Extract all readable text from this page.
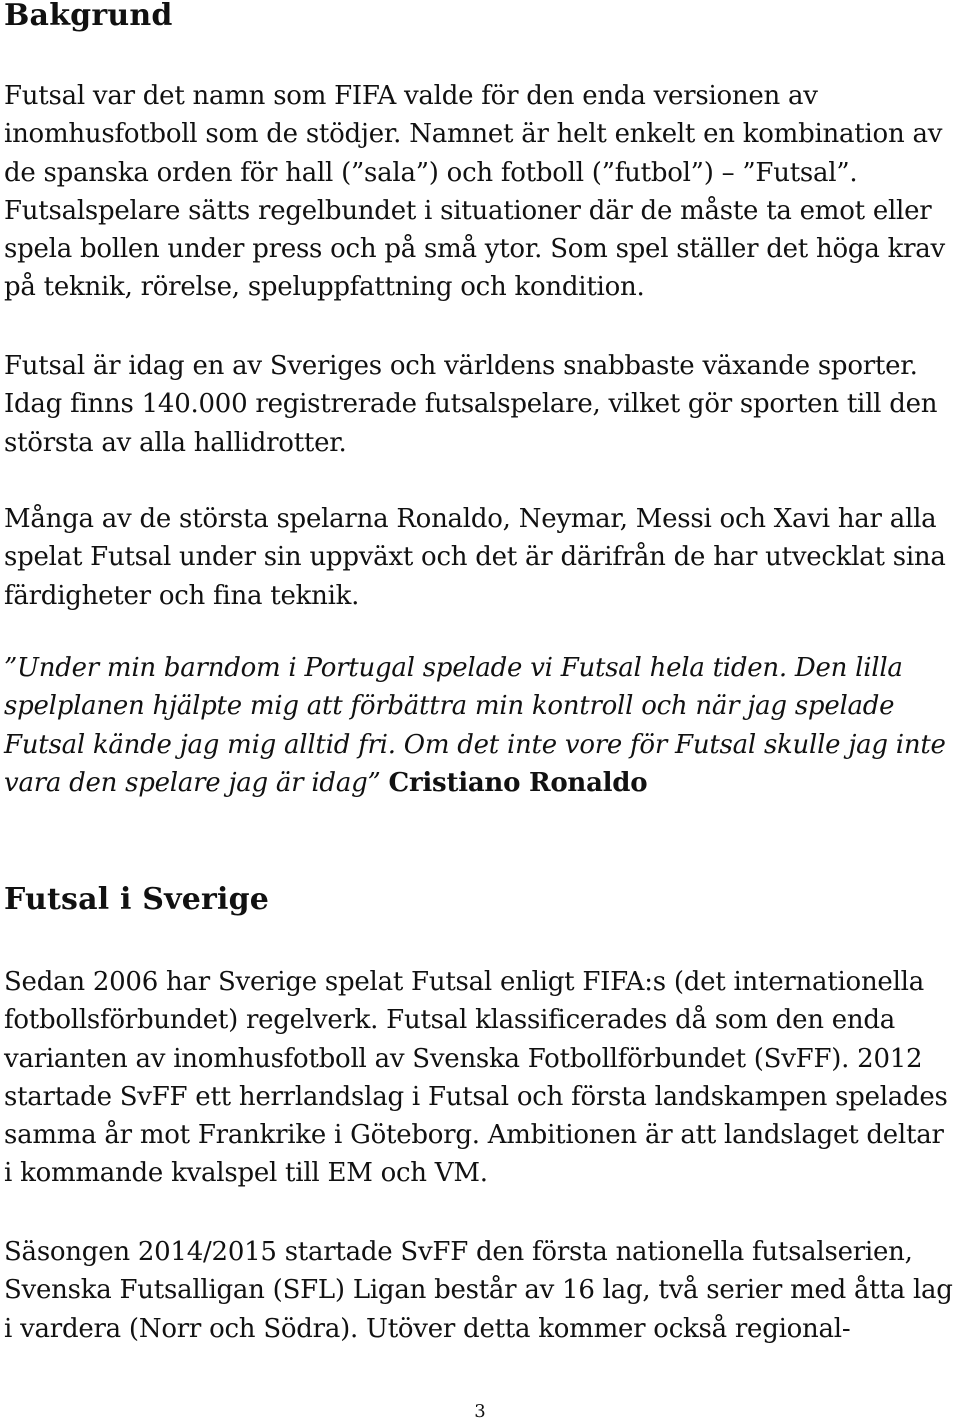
Bakgrund

Futsal var det namn som FIFA valde för den enda versionen av inomhusfotboll som de stödjer. Namnet är helt enkelt en kombination av de spanska orden för hall (”sala”) och fotboll (”futbol”) – ”Futsal”. Futsalspelare sätts regelbundet i situationer där de måste ta emot eller spela bollen under press och på små ytor. Som spel ställer det höga krav på teknik, rörelse, speluppfattning och kondition.

Futsal är idag en av Sveriges och världens snabbaste växande sporter. Idag finns 140.000 registrerade futsalspelare, vilket gör sporten till den största av alla hallidrotter.

Många av de största spelarna Ronaldo, Neymar, Messi och Xavi har alla spelat Futsal under sin uppväxt och det är därifrån de har utvecklat sina färdigheter och fina teknik.

”Under min barndom i Portugal spelade vi Futsal hela tiden. Den lilla spelplanen hjälpte mig att förbättra min kontroll och när jag spelade Futsal kände jag mig alltid fri. Om det inte vore för Futsal skulle jag inte vara den spelare jag är idag” Cristiano Ronaldo

Futsal i Sverige

Sedan 2006 har Sverige spelat Futsal enligt FIFA:s (det internationella fotbollsförbundet) regelverk. Futsal klassificerades då som den enda varianten av inomhusfotboll av Svenska Fotbollförbundet (SvFF). 2012 startade SvFF ett herrlandslag i Futsal och första landskampen spelades samma år mot Frankrike i Göteborg. Ambitionen är att landslaget deltar i kommande kvalspel till EM och VM.

Säsongen 2014/2015 startade SvFF den första nationella futsalserien, Svenska Futsalligan (SFL) Ligan består av 16 lag, två serier med åtta lag i vardera (Norr och Södra). Utöver detta kommer också regional-

3
